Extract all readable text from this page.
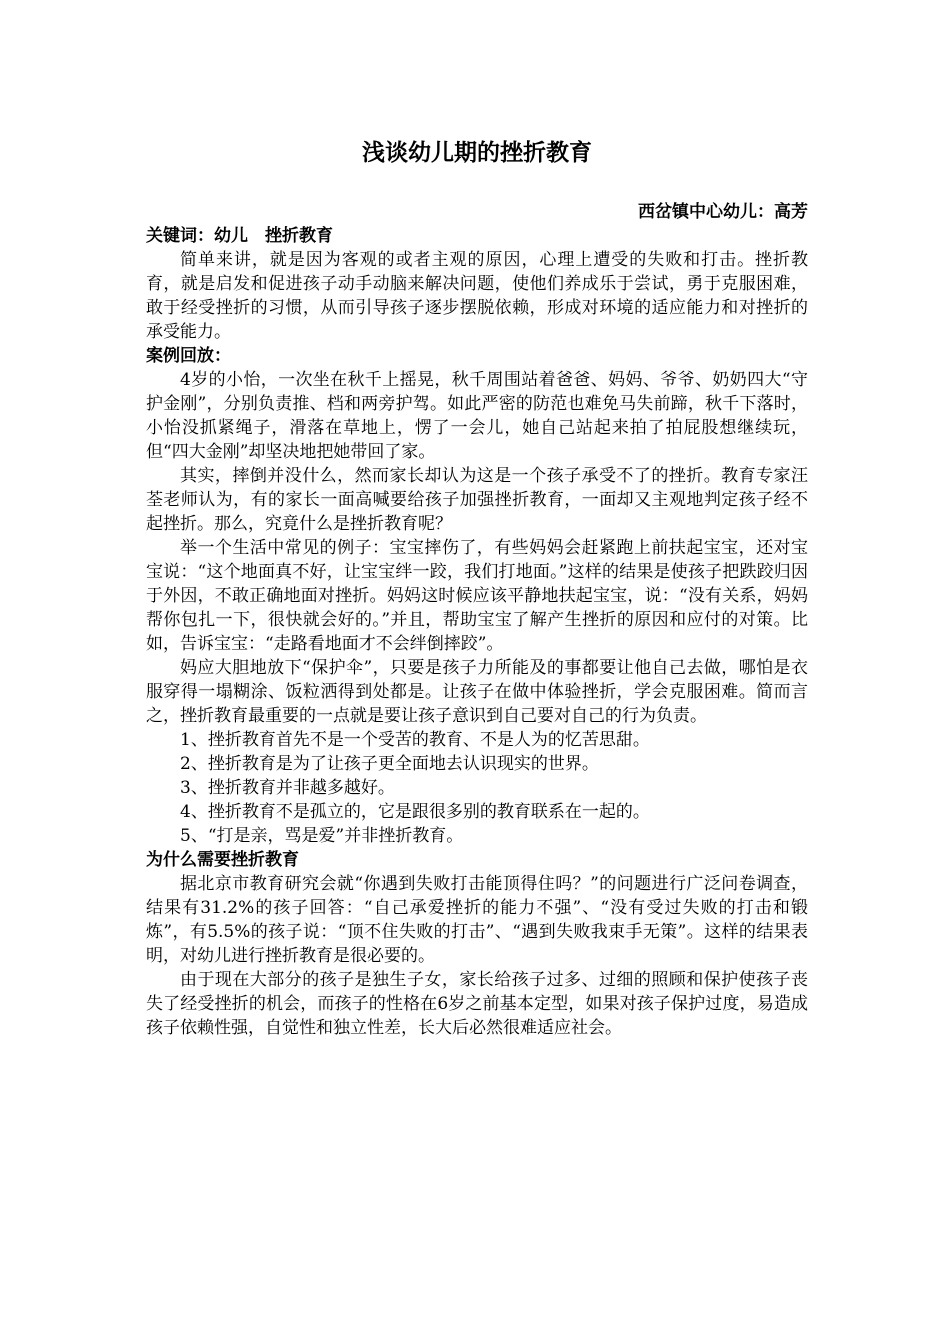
浅谈幼儿期的挫折教育
西岔镇中心幼儿：高芳

关键词：幼儿　挫折教育

简单来讲，就是因为客观的或者主观的原因，心理上遭受的失败和打击。挫折教育，就是启发和促进孩子动手动脑来解决问题，使他们养成乐于尝试，勇于克服困难，敢于经受挫折的习惯，从而引导孩子逐步摆脱依赖，形成对环境的适应能力和对挫折的承受能力。

案例回放：

4岁的小怡，一次坐在秋千上摇晃，秋千周围站着爸爸、妈妈、爷爷、奶奶四大“守护金刚”，分别负责推、档和两旁护驾。如此严密的防范也难免马失前蹄，秋千下落时，小怡没抓紧绳子，滑落在草地上，愣了一会儿，她自己站起来拍了拍屁股想继续玩，但“四大金刚”却坚决地把她带回了家。

其实，摔倒并没什么，然而家长却认为这是一个孩子承受不了的挫折。教育专家汪荃老师认为，有的家长一面高喊要给孩子加强挫折教育，一面却又主观地判定孩子经不起挫折。那么，究竟什么是挫折教育呢？

举一个生活中常见的例子：宝宝摔伤了，有些妈妈会赶紧跑上前扶起宝宝，还对宝宝说：“这个地面真不好，让宝宝绊一跤，我们打地面。”这样的结果是使孩子把跌跤归因于外因，不敢正确地面对挫折。妈妈这时候应该平静地扶起宝宝，说：“没有关系，妈妈帮你包扎一下，很快就会好的。”并且，帮助宝宝了解产生挫折的原因和应付的对策。比如，告诉宝宝：“走路看地面才不会绊倒摔跤”。

妈应大胆地放下“保护伞”，只要是孩子力所能及的事都要让他自己去做，哪怕是衣服穿得一塌糊涂、饭粒洒得到处都是。让孩子在做中体验挫折，学会克服困难。简而言之，挫折教育最重要的一点就是要让孩子意识到自己要对自己的行为负责。

1、挫折教育首先不是一个受苦的教育、不是人为的忆苦思甜。

2、挫折教育是为了让孩子更全面地去认识现实的世界。

3、挫折教育并非越多越好。

4、挫折教育不是孤立的，它是跟很多别的教育联系在一起的。

5、“打是亲，骂是爱”并非挫折教育。

为什么需要挫折教育

据北京市教育研究会就“你遇到失败打击能顶得住吗？”的问题进行广泛问卷调查，结果有31.2%的孩子回答：“自己承爱挫折的能力不强”、“没有受过失败的打击和锻炼”，有5.5%的孩子说：“顶不住失败的打击”、“遇到失败我束手无策”。这样的结果表明，对幼儿进行挫折教育是很必要的。

由于现在大部分的孩子是独生子女，家长给孩子过多、过细的照顾和保护使孩子丧失了经受挫折的机会，而孩子的性格在6岁之前基本定型，如果对孩子保护过度，易造成孩子依赖性强，自觉性和独立性差，长大后必然很难适应社会。
